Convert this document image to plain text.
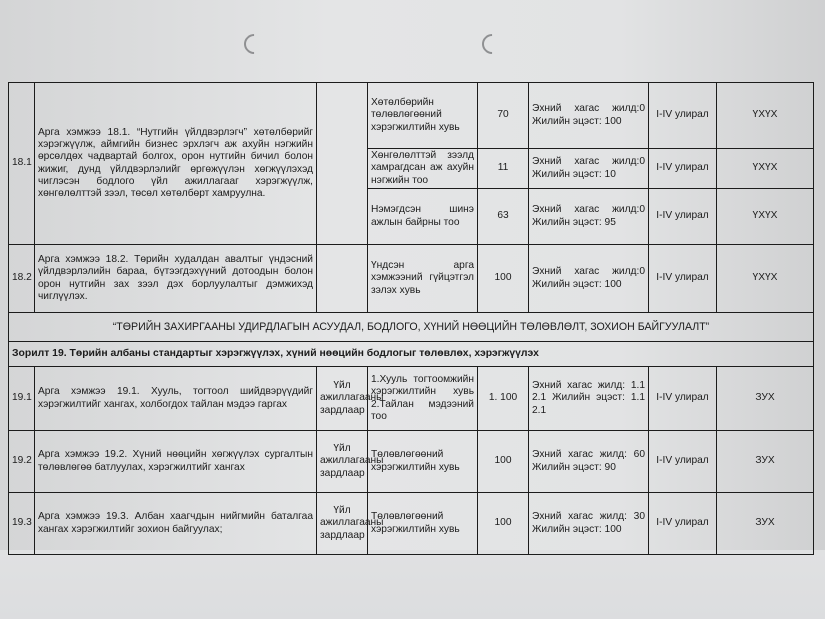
18.1	Арга хэмжээ 18.1. “Нутгийн үйлдвэрлэгч” хөтөлбөрийг хэрэгжүүлж, аймгийн бизнес эрхлэгч аж ахуйн нэгжийн өрсөлдөх чадвартай болгох, орон нутгийн бичил болон жижиг, дунд үйлдвэрлэлийг өргөжүүлэн хөгжүүлэхэд чиглэсэн бодлого үйл ажиллагааг хэрэгжүүлж, хөнгөлөлттэй зээл, төсөл хөтөлбөрт хамруулна.		Хөтөлбөрийн төлөвлөгөөний хэрэгжилтийн хувь	70	Эхний хагас жилд:0 Жилийн эцэст: 100	I-IV улирал	ҮХҮХ
			Хөнгөлөлттэй зээлд хамрагдсан аж ахуйн нэгжийн тоо	11	Эхний хагас жилд:0 Жилийн эцэст: 10	I-IV улирал	ҮХҮХ
			Нэмэгдсэн шинэ ажлын байрны тоо	63	Эхний хагас жилд:0 Жилийн эцэст: 95	I-IV улирал	ҮХҮХ
18.2	Арга хэмжээ 18.2. Төрийн худалдан авалтыг үндэсний үйлдвэрлэлийн бараа, бүтээгдэхүүний дотоодын болон орон нутгийн зах зээл дэх борлуулалтыг дэмжихэд чиглүүлэх.		Үндсэн арга хэмжээний гүйцэтгэл зэлэх хувь	100	Эхний хагас жилд:0 Жилийн эцэст: 100	I-IV улирал	ҮХҮХ
“ТӨРИЙН ЗАХИРГААНЫ УДИРДЛАГЫН АСУУДАЛ, БОДЛОГО, ХҮНИЙ НӨӨЦИЙН ТӨЛӨВЛӨЛТ, ЗОХИОН БАЙГУУЛАЛТ”							
Зорилт 19. Төрийн албаны стандартыг хэрэгжүүлэх, хүний нөөцийн бодлогыг төлөвлөх, хэрэгжүүлэх							
19.1	Арга хэмжээ 19.1. Хууль, тогтоол шийдвэрүүдийг хэрэгжилтийг хангах, холбогдох тайлан мэдээ гаргах	Үйл ажиллагааны зардлаар	1.Хууль тогтоомжийн хэрэгжилтийн хувь 2.Тайлан мэдээний тоо	1. 100	Эхний хагас жилд: 1.1 2.1 Жилийн эцэст: 1.1 2.1	I-IV улирал	ЗУХ
19.2	Арга хэмжээ 19.2. Хүний нөөцийн хөгжүүлэх сургалтын төлөвлөгөө батлуулах, хэрэгжилтийг хангах	Үйл ажиллагааны зардлаар	Төлөвлөгөөний хэрэгжилтийн хувь	100	Эхний хагас жилд: 60 Жилийн эцэст: 90	I-IV улирал	ЗУХ
19.3	Арга хэмжээ 19.3. Албан хаагчдын нийгмийн баталгаа хангах хэрэгжилтийг зохион байгуулах;	Үйл ажиллагааны зардлаар	Төлөвлөгөөний хэрэгжилтийн хувь	100	Эхний хагас жилд: 30 Жилийн эцэст: 100	I-IV улирал	ЗУХ
